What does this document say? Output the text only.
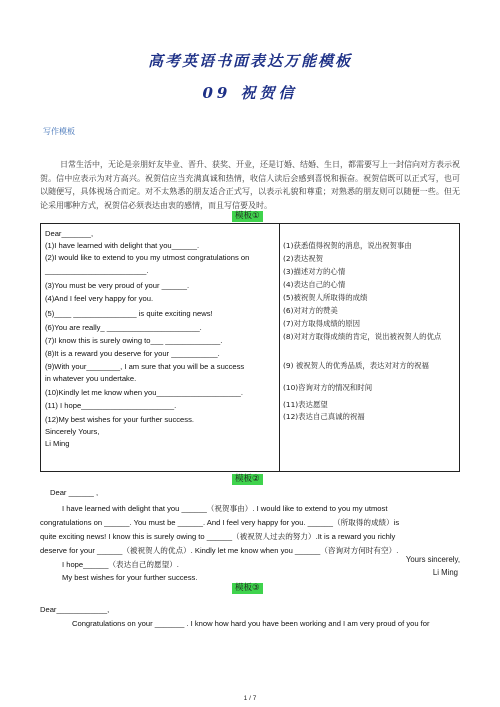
高考英语书面表达万能模板
09 祝贺信
写作模板
日常生活中，无论是亲朋好友毕业、晋升、获奖、开业，还是订婚、结婚、生日，都需要写上一封信向对方表示祝贺。信中应表示为对方高兴。祝贺信应当充满真诚和热情，收信人读后会感到喜悦和振奋。祝贺信既可以正式写，也可以随便写，具体视场合而定。对不太熟悉的朋友适合正式写，以表示礼貌和尊重；对熟悉的朋友则可以随便一些。但无论采用哪种方式，祝贺信必须表达由衷的感情，而且写信要及时。
模板①
Dear_______,
(1)I have learned with delight that you______.
(2)I would like to extend to you my utmost congratulations on
________________________.
(3)You must be very proud of your ______.
(4)And I feel very happy for you.
(5)____ _______________ is quite exciting news!
(6)You are really_ ______________________.
(7)I know this is surely owing to___ _____________.
(8)It is a reward you deserve for your ___________.
(9)With your________, I am sure that you will be a success
in whatever you undertake.
(10)Kindly let me know when you____________________.
(11) I hope______________________.
(12)My best wishes for your further success.
Sincerely Yours,
Li Ming
(1)获悉值得祝贺的消息，说出祝贺事由
(2)表达祝贺
(3)描述对方的心情
(4)表达自己的心情
(5)被祝贺人所取得的成绩
(6)对对方的赞美
(7)对方取得成绩的原因
(8)对对方取得成绩的肯定，说出被祝贺人的优点
(9) 被祝贺人的优秀品质，表达对对方的祝福
(10)咨询对方的情况和时间
(11)表达愿望
(12)表达自己真诚的祝福
模板②
Dear ______ ,
I have learned with delight that you ______（祝贺事由）. I would like to extend to you my utmost
congratulations on ______. You must be ______. And I feel very happy for you. ______（所取得的成绩）is
quite exciting news! I know this is surely owing to ______（被祝贺人过去的努力）.It is a reward you richly
deserve for your ______（被祝贺人的优点）. Kindly let me know when you ______（咨询对方何时有空）.
I hope______（表达自己的愿望）.
My best wishes for your further success.
Yours sincerely,
Li Ming
模板③
Dear____________,
Congratulations on your _______ . I know how hard you have been working and I am very proud of you for
1 / 7
